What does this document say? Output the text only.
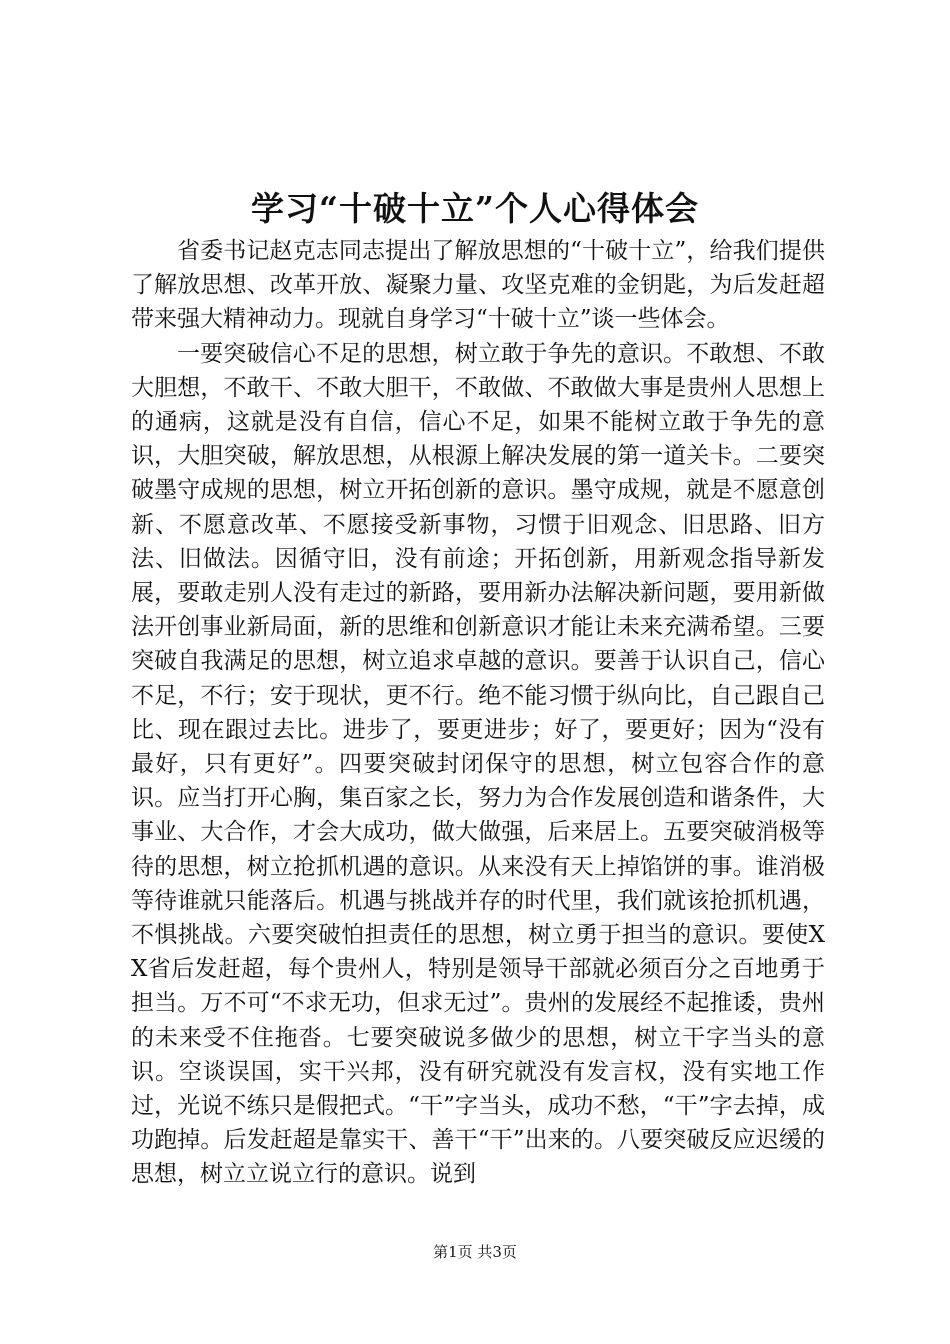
学习“十破十立”个人心得体会

省委书记赵克志同志提出了解放思想的“十破十立”，给我们提供了解放思想、改革开放、凝聚力量、攻坚克难的金钥匙，为后发赶超带来强大精神动力。现就自身学习“十破十立”谈一些体会。

一要突破信心不足的思想，树立敢于争先的意识。不敢想、不敢大胆想，不敢干、不敢大胆干，不敢做、不敢做大事是贵州人思想上的通病，这就是没有自信，信心不足，如果不能树立敢于争先的意识，大胆突破，解放思想，从根源上解决发展的第一道关卡。二要突破墨守成规的思想，树立开拓创新的意识。墨守成规，就是不愿意创新、不愿意改革、不愿接受新事物，习惯于旧观念、旧思路、旧方法、旧做法。因循守旧，没有前途；开拓创新，用新观念指导新发展，要敢走别人没有走过的新路，要用新办法解决新问题，要用新做法开创事业新局面，新的思维和创新意识才能让未来充满希望。三要突破自我满足的思想，树立追求卓越的意识。要善于认识自己，信心不足，不行；安于现状，更不行。绝不能习惯于纵向比，自己跟自己比、现在跟过去比。进步了，要更进步；好了，要更好；因为“没有最好，只有更好”。四要突破封闭保守的思想，树立包容合作的意识。应当打开心胸，集百家之长，努力为合作发展创造和谐条件，大事业、大合作，才会大成功，做大做强，后来居上。五要突破消极等待的思想，树立抢抓机遇的意识。从来没有天上掉馅饼的事。谁消极等待谁就只能落后。机遇与挑战并存的时代里，我们就该抢抓机遇，不惧挑战。六要突破怕担责任的思想，树立勇于担当的意识。要使XX省后发赶超，每个贵州人，特别是领导干部就必须百分之百地勇于担当。万不可“不求无功，但求无过”。贵州的发展经不起推诿，贵州的未来受不住拖沓。七要突破说多做少的思想，树立干字当头的意识。空谈误国，实干兴邦，没有研究就没有发言权，没有实地工作过，光说不练只是假把式。“干”字当头，成功不愁，“干”字去掉，成功跑掉。后发赶超是靠实干、善干“干”出来的。八要突破反应迟缓的思想，树立立说立行的意识。说到

第1页 共3页
